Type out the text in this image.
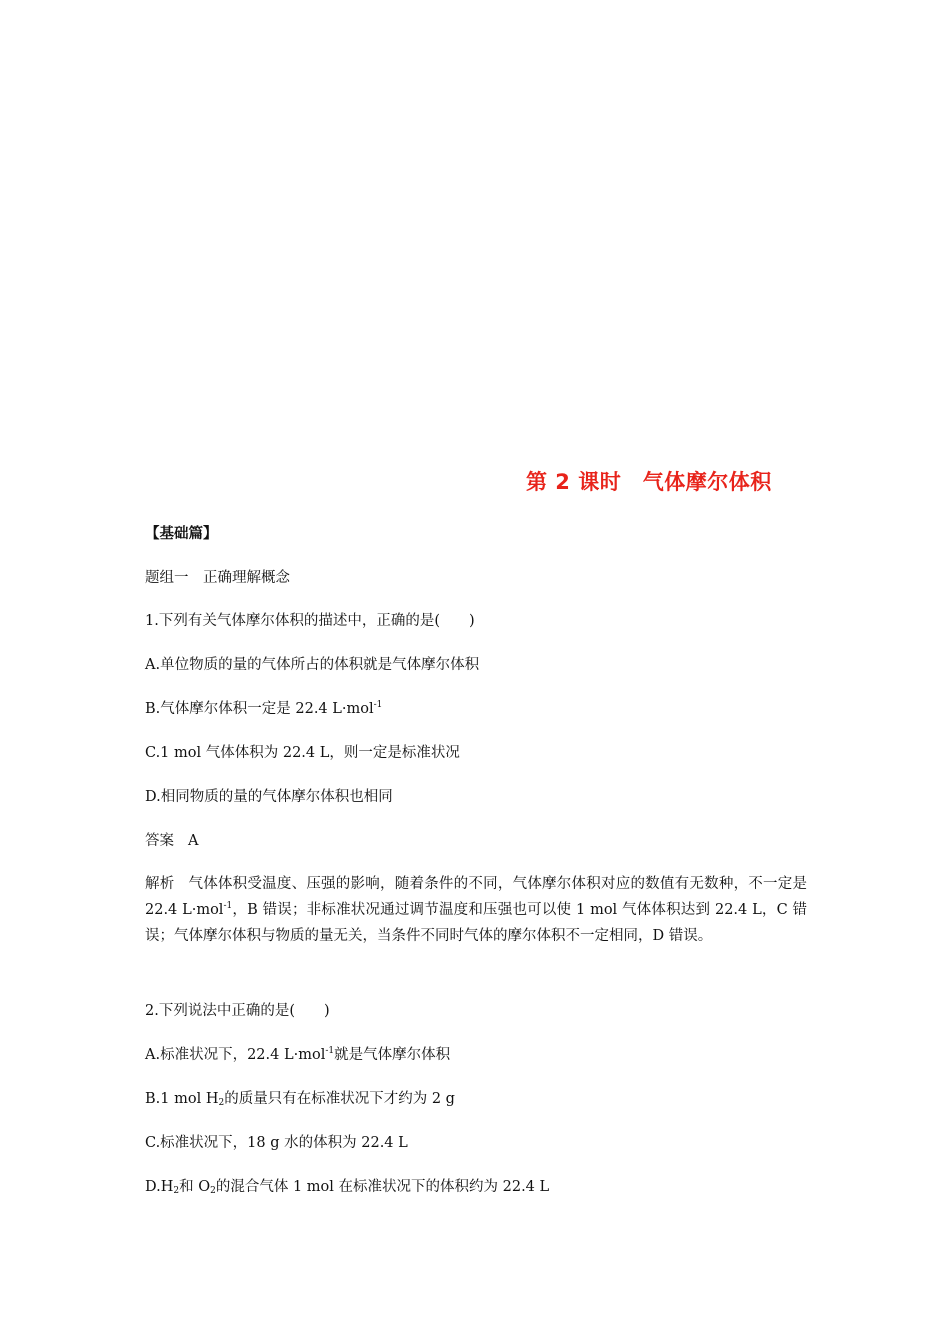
第 2 课时　气体摩尔体积
【基础篇】
题组一　正确理解概念
1.下列有关气体摩尔体积的描述中，正确的是(　　)
A.单位物质的量的气体所占的体积就是气体摩尔体积
B.气体摩尔体积一定是 22.4 L·mol$^{-1}$
C.1 mol 气体体积为 22.4 L，则一定是标准状况
D.相同物质的量的气体摩尔体积也相同
答案 A
解析 气体体积受温度、压强的影响，随着条件的不同，气体摩尔体积对应的数值有无数种，不一定是 22.4 L·mol$^{-1}$，B 错误；非标准状况通过调节温度和压强也可以使 1 mol 气体体积达到 22.4 L，C 错误；气体摩尔体积与物质的量无关，当条件不同时气体的摩尔体积不一定相同，D 错误。
2.下列说法中正确的是(　　)
A.标准状况下，22.4 L·mol$^{-1}$就是气体摩尔体积
B.1 mol $H_2$的质量只有在标准状况下才约为 2 g
C.标准状况下，18 g 水的体积为 22.4 L
$D.H_2$和 $O_2$的混合气体 1 mol 在标准状况下的体积约为 22.4 L
